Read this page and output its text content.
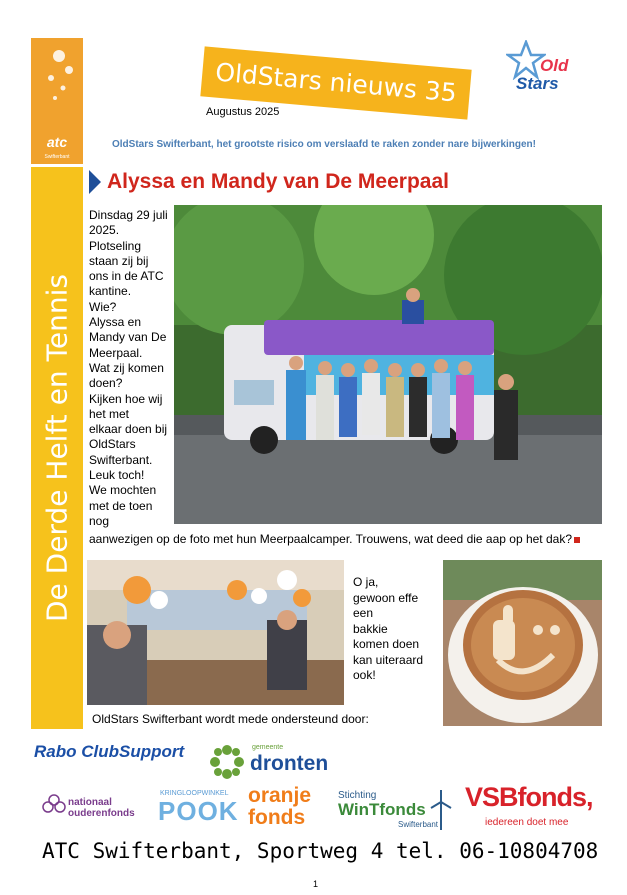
atc
Swifterbant
De Derde Helft en Tennis
OldStars nieuws 35
Augustus 2025
OldStars Swifterbant, het grootste risico om verslaafd te raken zonder nare bijwerkingen!
Old
Stars
Alyssa en Mandy van De Meerpaal
Dinsdag 29 juli
2025.
Plotseling
staan zij bij
ons in de ATC
kantine.
Wie?
Alyssa en
Mandy van De
Meerpaal.
Wat zij komen
doen?
Kijken hoe wij
het met
elkaar doen bij
OldStars
Swifterbant.
Leuk toch!
We mochten
met de toen
nog
aanwezigen op de foto met hun Meerpaalcamper. Trouwens, wat deed die aap op het dak?
O ja,
gewoon effe
een
bakkie
komen doen
kan uiteraard
ook!
OldStars Swifterbant wordt mede ondersteund door:
Rabo ClubSupport	gemeente
dronten
nationaal
ouderenfonds
KRINGLOOPWINKEL
POOK
oranje
fonds
Stichting
WinTfonds
Swifterbant
VSBfonds,
iedereen doet mee
ATC Swifterbant, Sportweg 4 tel. 06-10804708
1
